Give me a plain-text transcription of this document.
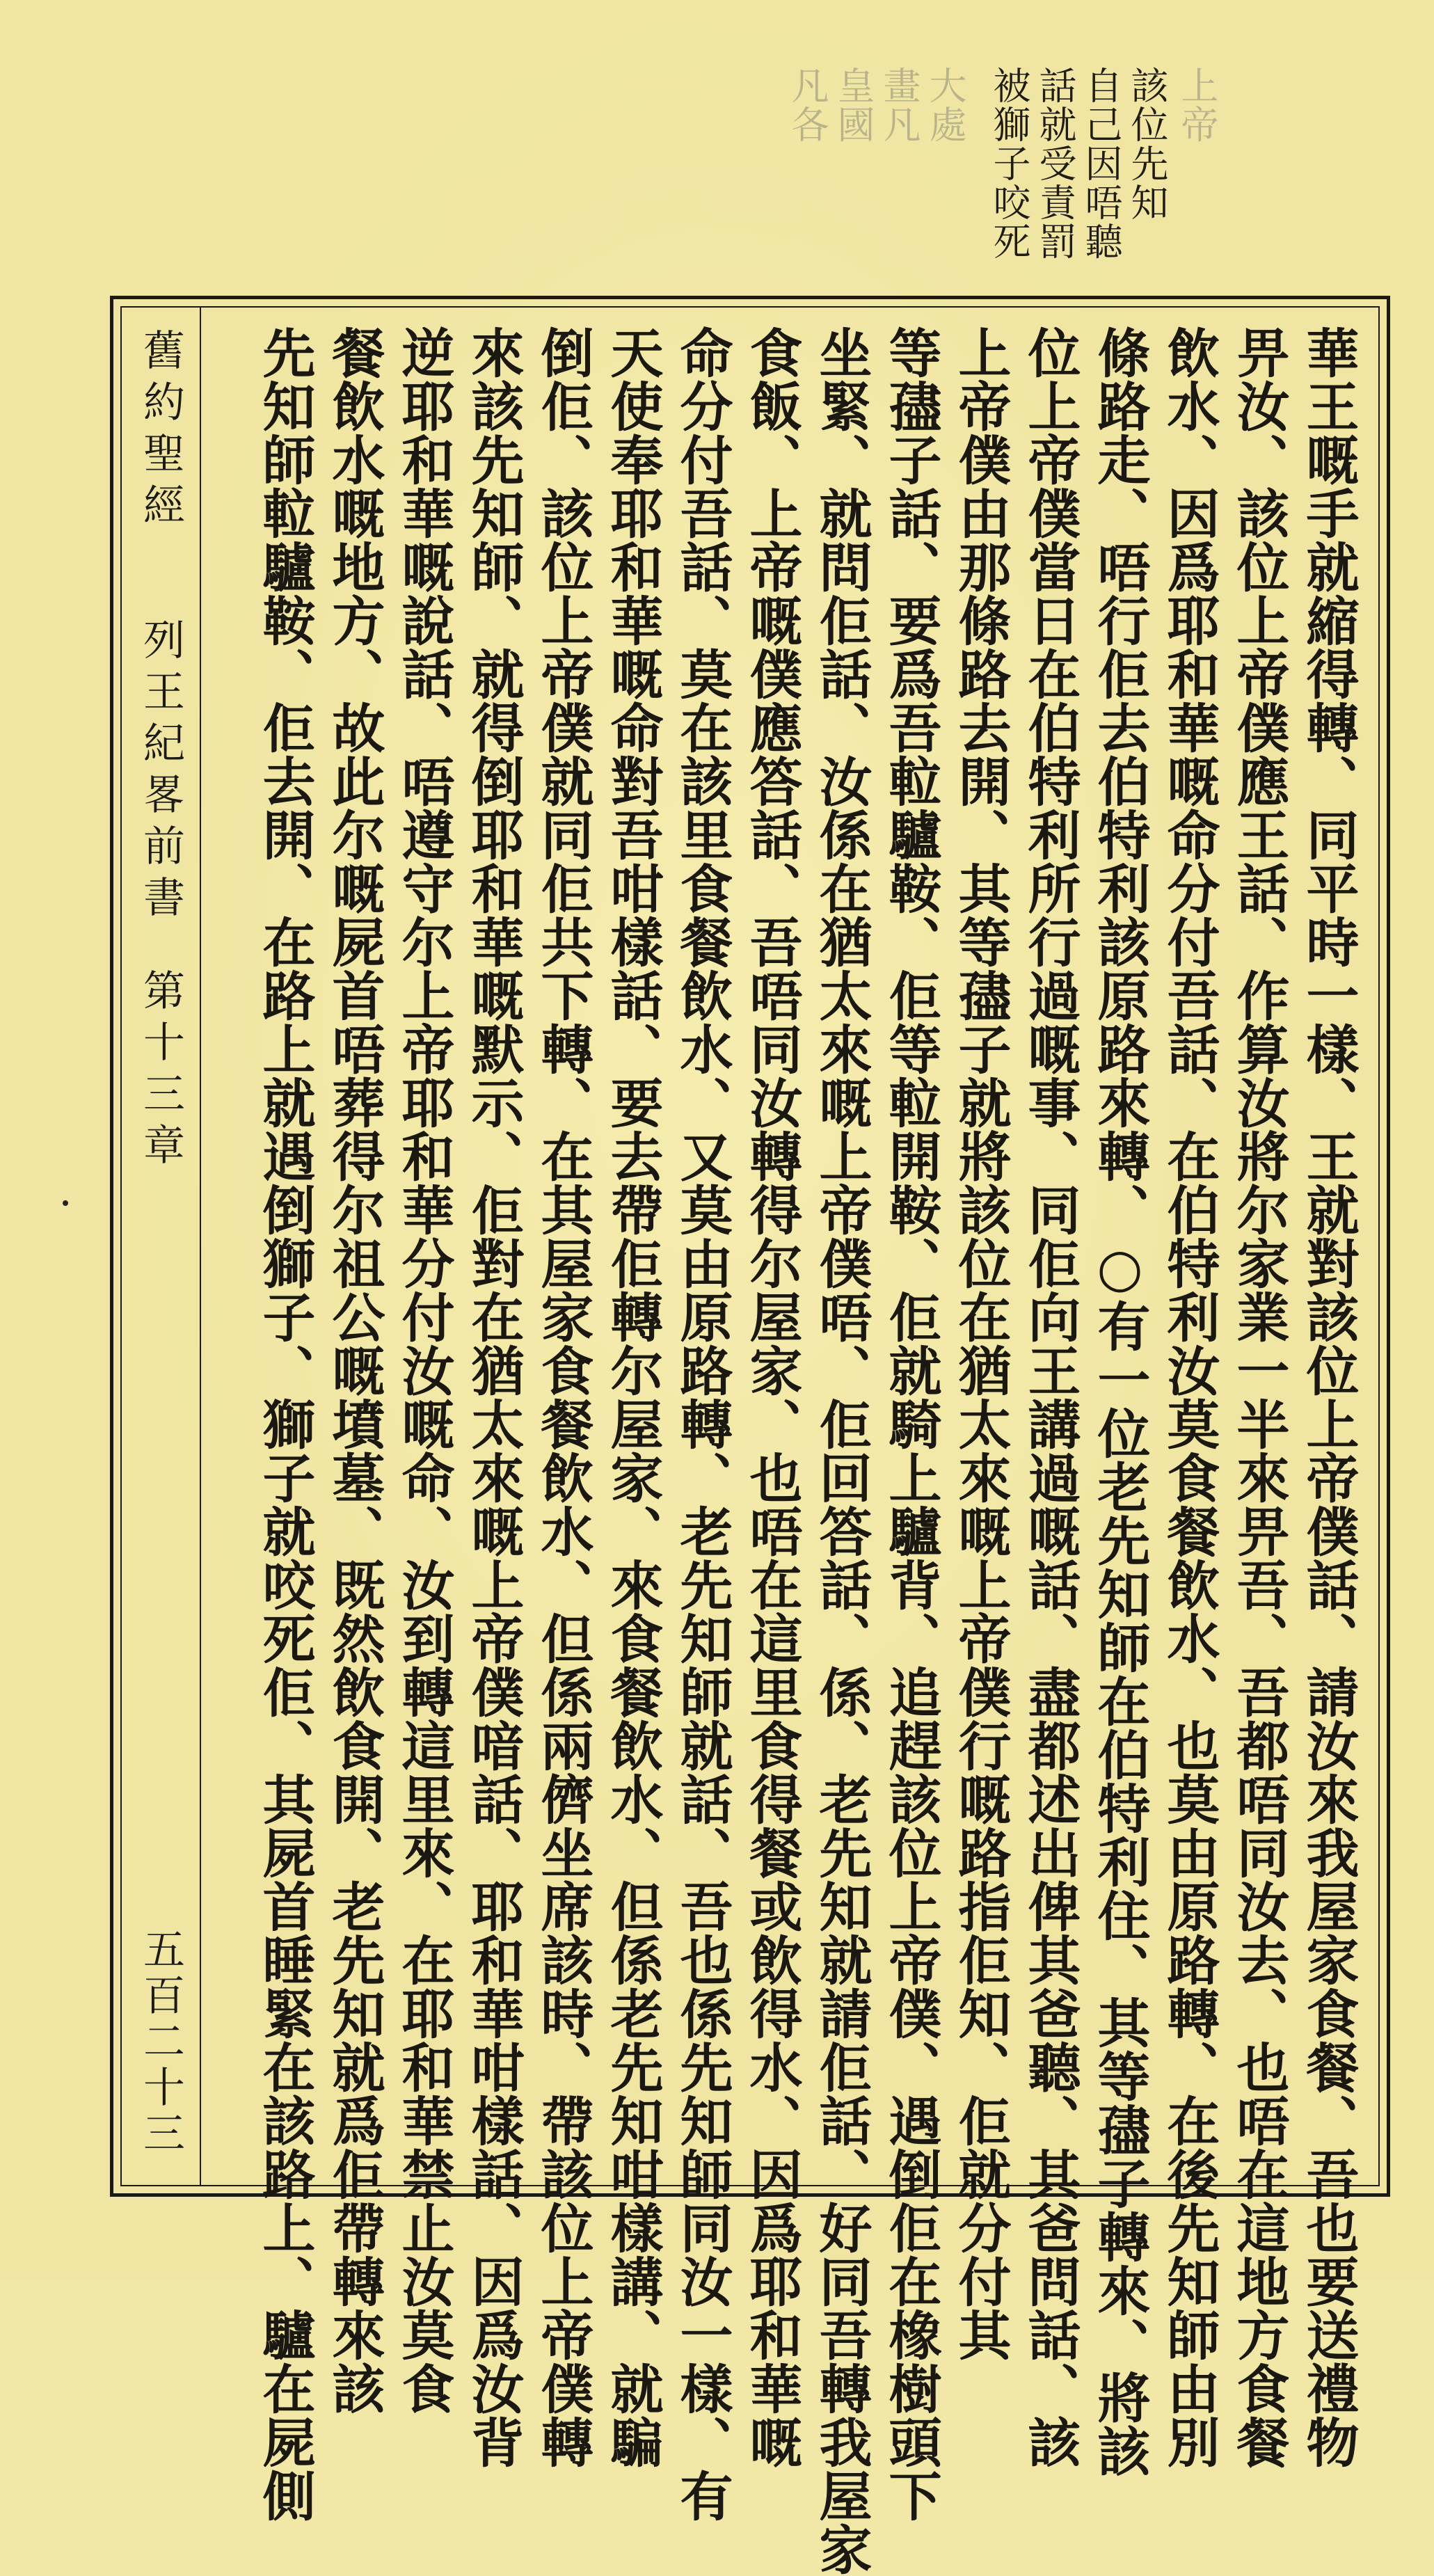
凡各 皇國 畫凡 大處 被獅子咬死 話就受責罰 自己因唔聽 該位先知 上帝
舊約聖經列王紀畧前書第十三章
五百二十三	華王嘅手就縮得轉、同平時一樣、王就對該位上帝僕話、請汝來我屋家食餐、吾也要送禮物
畀汝、該位上帝僕應王話、作算汝將尔家業一半來畀吾、吾都唔同汝去、也唔在這地方食餐
飲水、因爲耶和華嘅命分付吾話、在伯特利汝莫食餐飲水、也莫由原路轉、在後先知師由別
條路走、唔行佢去伯特利該原路來轉、○有一位老先知師在伯特利住、其等孻子轉來、將該
位上帝僕當日在伯特利所行過嘅事、同佢向王講過嘅話、盡都述出俾其爸聽、其爸問話、該
上帝僕由那條路去開、其等孻子就將該位在猶太來嘅上帝僕行嘅路指佢知、佢就分付其
等孻子話、要爲吾𨋢驢鞍、佢等𨋢開鞍、佢就騎上驢背、追趕該位上帝僕、遇倒佢在橡樹頭下
坐緊、就問佢話、汝係在猶太來嘅上帝僕唔、佢回答話、係、老先知就請佢話、好同吾轉我屋家
食飯、上帝嘅僕應答話、吾唔同汝轉得尔屋家、也唔在這里食得餐或飲得水、因爲耶和華嘅
命分付吾話、莫在該里食餐飲水、又莫由原路轉、老先知師就話、吾也係先知師同汝一樣、有
天使奉耶和華嘅命對吾咁樣話、要去帶佢轉尔屋家、來食餐飲水、但係老先知咁樣講、就騙
倒佢、該位上帝僕就同佢共下轉、在其屋家食餐飲水、但係兩儕坐席該時、帶該位上帝僕轉
來該先知師、就得倒耶和華嘅默示、佢對在猶太來嘅上帝僕喑話、耶和華咁樣話、因爲汝背
逆耶和華嘅說話、唔遵守尔上帝耶和華分付汝嘅命、汝到轉這里來、在耶和華禁止汝莫食
餐飲水嘅地方、故此尔嘅屍首唔葬得尔祖公嘅墳墓、既然飲食開、老先知就爲佢帶轉來該
先知師𨋢驢鞍、佢去開、在路上就遇倒獅子、獅子就咬死佢、其屍首睡緊在該路上、驢在屍側
